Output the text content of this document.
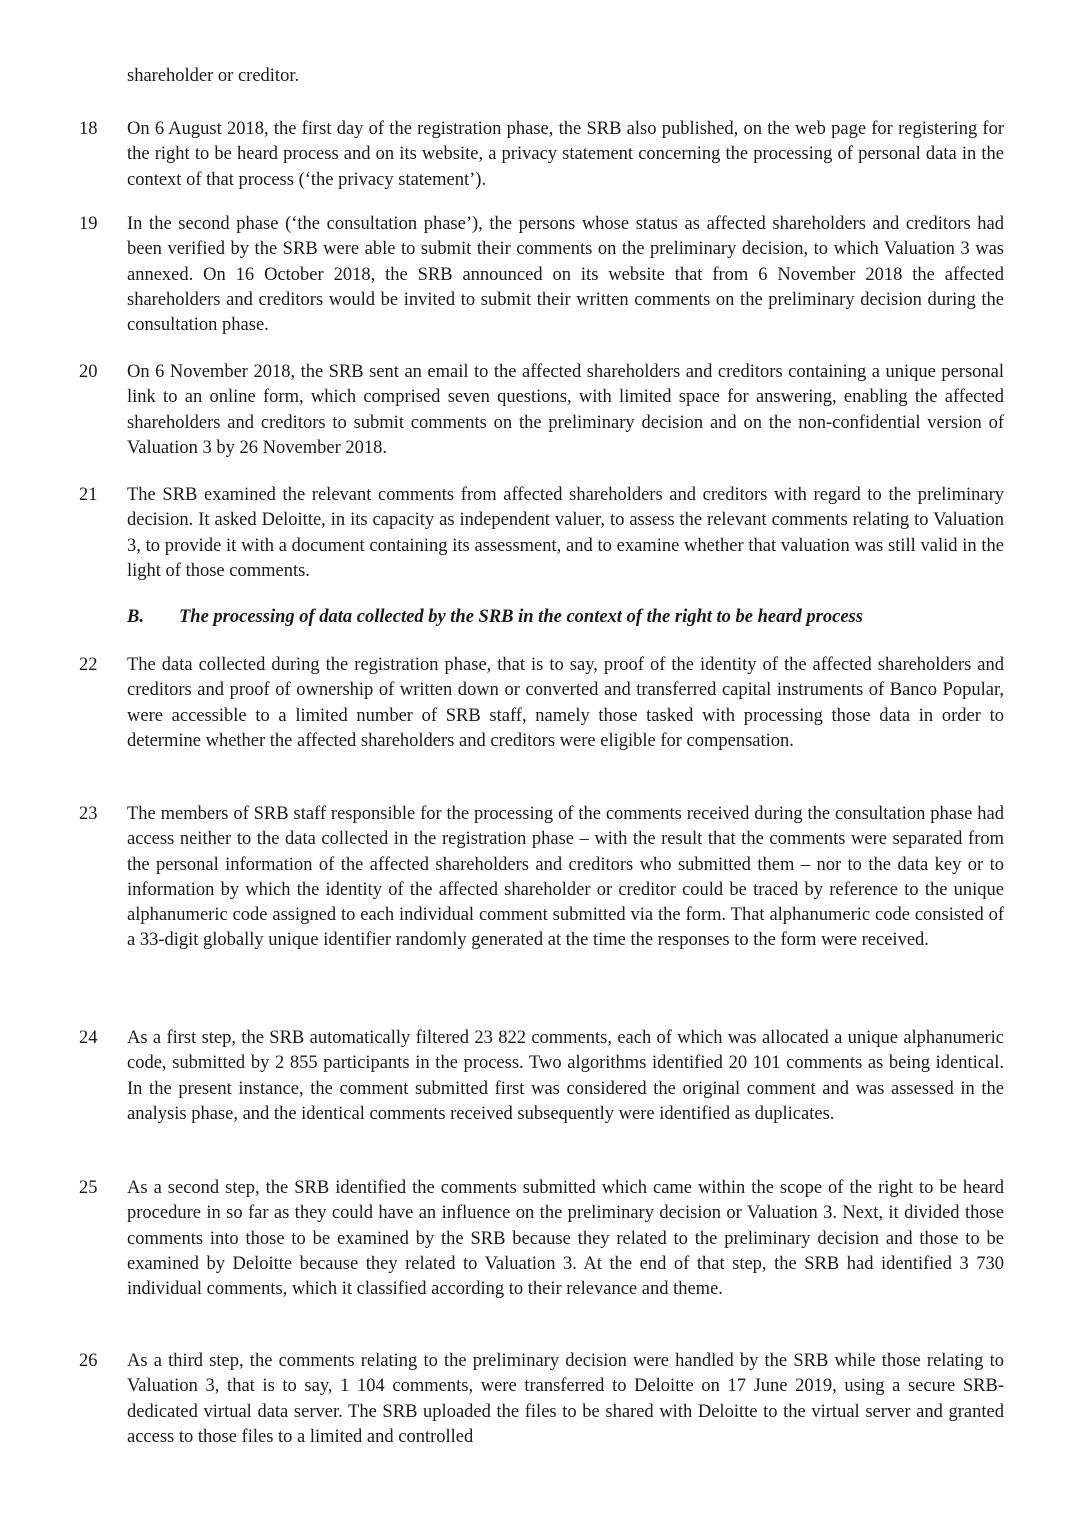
shareholder or creditor.

18	On 6 August 2018, the first day of the registration phase, the SRB also published, on the web page for registering for the right to be heard process and on its website, a privacy statement concerning the processing of personal data in the context of that process (‘the privacy statement’).

19	In the second phase (‘the consultation phase’), the persons whose status as affected shareholders and creditors had been verified by the SRB were able to submit their comments on the preliminary decision, to which Valuation 3 was annexed. On 16 October 2018, the SRB announced on its website that from 6 November 2018 the affected shareholders and creditors would be invited to submit their written comments on the preliminary decision during the consultation phase.

20	On 6 November 2018, the SRB sent an email to the affected shareholders and creditors containing a unique personal link to an online form, which comprised seven questions, with limited space for answering, enabling the affected shareholders and creditors to submit comments on the preliminary decision and on the non-confidential version of Valuation 3 by 26 November 2018.

21	The SRB examined the relevant comments from affected shareholders and creditors with regard to the preliminary decision. It asked Deloitte, in its capacity as independent valuer, to assess the relevant comments relating to Valuation 3, to provide it with a document containing its assessment, and to examine whether that valuation was still valid in the light of those comments.

B. The processing of data collected by the SRB in the context of the right to be heard process

22	The data collected during the registration phase, that is to say, proof of the identity of the affected shareholders and creditors and proof of ownership of written down or converted and transferred capital instruments of Banco Popular, were accessible to a limited number of SRB staff, namely those tasked with processing those data in order to determine whether the affected shareholders and creditors were eligible for compensation.

23	The members of SRB staff responsible for the processing of the comments received during the consultation phase had access neither to the data collected in the registration phase – with the result that the comments were separated from the personal information of the affected shareholders and creditors who submitted them – nor to the data key or to information by which the identity of the affected shareholder or creditor could be traced by reference to the unique alphanumeric code assigned to each individual comment submitted via the form. That alphanumeric code consisted of a 33-digit globally unique identifier randomly generated at the time the responses to the form were received.

24	As a first step, the SRB automatically filtered 23 822 comments, each of which was allocated a unique alphanumeric code, submitted by 2 855 participants in the process. Two algorithms identified 20 101 comments as being identical. In the present instance, the comment submitted first was considered the original comment and was assessed in the analysis phase, and the identical comments received subsequently were identified as duplicates.

25	As a second step, the SRB identified the comments submitted which came within the scope of the right to be heard procedure in so far as they could have an influence on the preliminary decision or Valuation 3. Next, it divided those comments into those to be examined by the SRB because they related to the preliminary decision and those to be examined by Deloitte because they related to Valuation 3. At the end of that step, the SRB had identified 3 730 individual comments, which it classified according to their relevance and theme.

26	As a third step, the comments relating to the preliminary decision were handled by the SRB while those relating to Valuation 3, that is to say, 1 104 comments, were transferred to Deloitte on 17 June 2019, using a secure SRB-dedicated virtual data server. The SRB uploaded the files to be shared with Deloitte to the virtual server and granted access to those files to a limited and controlled
